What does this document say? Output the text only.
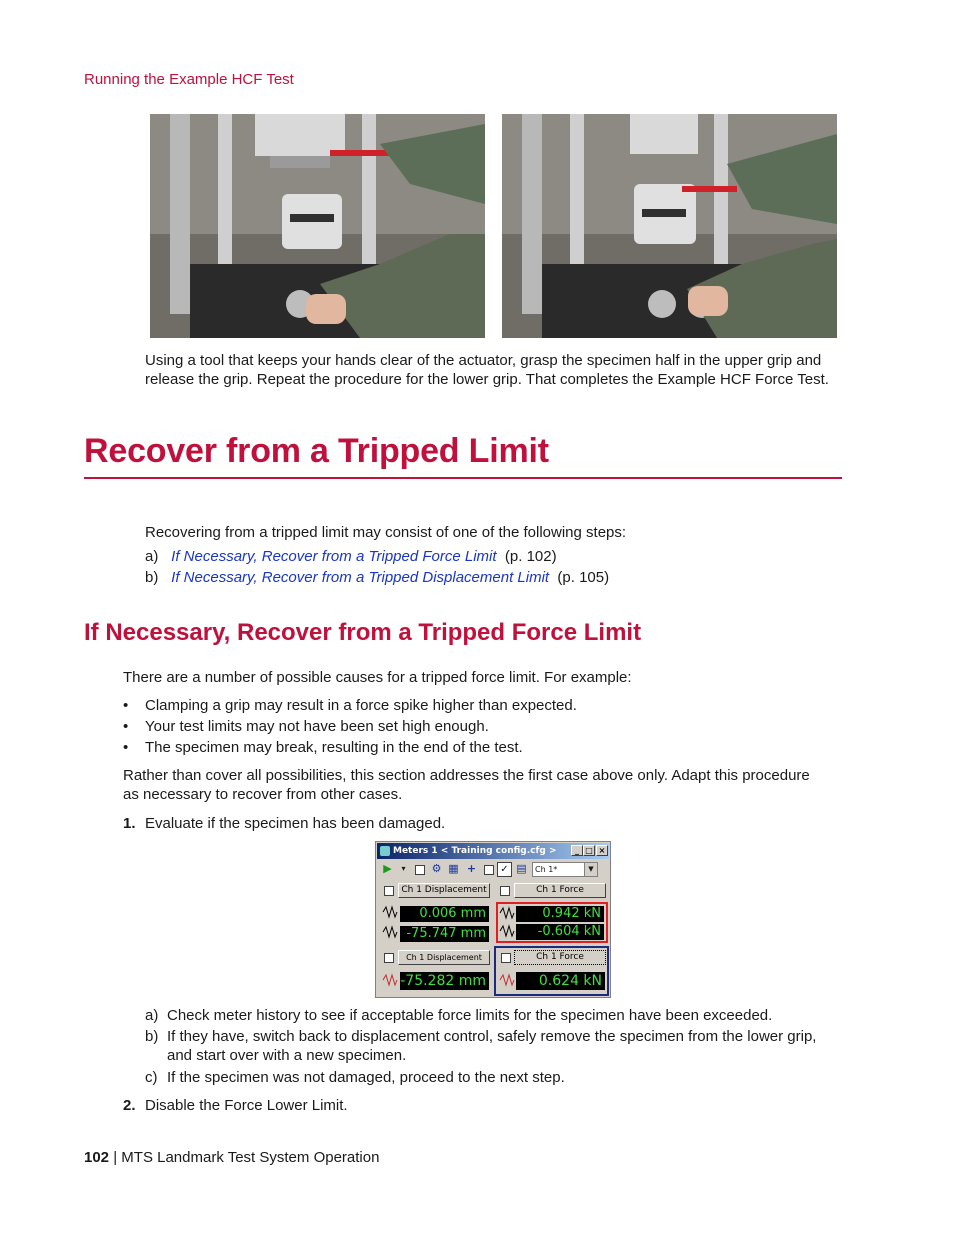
Running the Example HCF Test
Using a tool that keeps your hands clear of the actuator, grasp the specimen half in the upper grip and
release the grip. Repeat the procedure for the lower grip. That completes the Example HCF Force Test.
Recover from a Tripped Limit
Recovering from a tripped limit may consist of one of the following steps:
a) If Necessary, Recover from a Tripped Force Limit (p. 102)
b) If Necessary, Recover from a Tripped Displacement Limit (p. 105)
If Necessary, Recover from a Tripped Force Limit
There are a number of possible causes for a tripped force limit. For example:
• Clamping a grip may result in a force spike higher than expected.
• Your test limits may not have been set high enough.
• The specimen may break, resulting in the end of the test.
Rather than cover all possibilities, this section addresses the first case above only. Adapt this procedure
as necessary to recover from other cases.
1. Evaluate if the specimen has been damaged.
Meters 1 < Training config.cfg >	_ □ ×
▶	▾	⚙ ▦ +	✓ ▤	Ch 1*	▼
Ch 1 Displacement
0.006 mm
-75.747 mm
Ch 1 Force
0.942 kN
-0.604 kN
Ch 1 Displacement
-75.282 mm
Ch 1 Force
0.624 kN
a) Check meter history to see if acceptable force limits for the specimen have been exceeded.
b) If they have, switch back to displacement control, safely remove the specimen from the lower grip,
and start over with a new specimen.
c) If the specimen was not damaged, proceed to the next step.
2. Disable the Force Lower Limit.
102 | MTS Landmark Test System Operation
